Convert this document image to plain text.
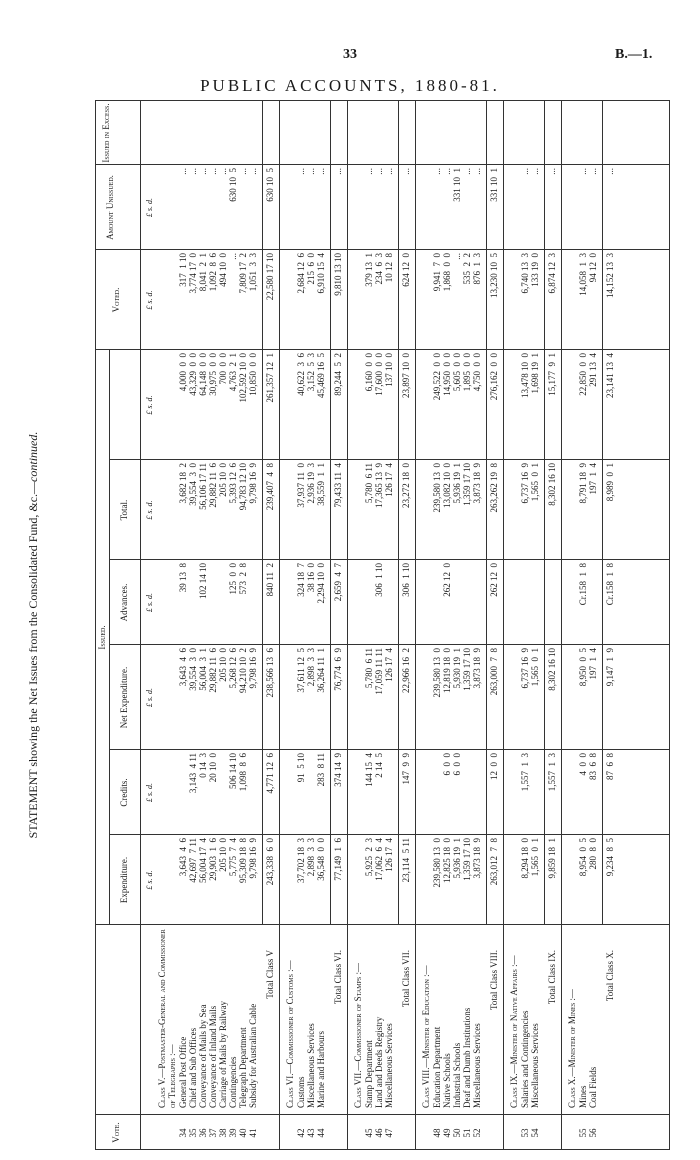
33	B.—1.
PUBLIC ACCOUNTS, 1880-81.
STATEMENT showing the Net Issues from the Consolidated Fund, &c.—continued.
Vote.
Issued.
Expenditure.
Credits.
Net Expenditure.
Advances.
Total.
Voted.
Amount Unissued.
Issued in Excess.
£ s. d.
£ s. d.
£ s. d.
£ s. d.
£ s. d.
£ s. d.
£ s. d.
£ s. d.
Class V.—Postmaster-General and Commissioner of Telegraphs :—
34
General Post Office
3,643  4  6
3,643  4  6
39 13  8
3,682 18  2
4,000  0  0
317  1 10
...
35
Chief and Sub Offices
42,697  7 11
3,143  4 11
39,554  3  0
39,554  3  0
43,329  0  0
3,774 17  0
...
36
Conveyance of Mails by Sea
56,004 17  4
0 14  3
56,004  3  1
102 14 10
56,106 17 11
64,148  0  0
8,041  2  1
...
37
Conveyance of Inland Mails
29,903  1  6
20 10  0
29,882 11  6
29,882 11  6
30,975  0  0
1,092  8  6
...
38
Carriage of Mails by Railway
205 10  0
205 10  0
205 10  0
700  0  0
494 10  0
...
39
Contingencies
5,775  7  4
506 14 10
5,268 12  6
125  0  0
5,393 12  6
4,763  2  1
...
630 10  5
40
Telegraph Department
95,309 18  8
1,098  8  6
94,210 10  2
573  2  8
94,783 12 10
102,592 10  0
7,809 17  2
...
41
Subsidy for Australian Cable
9,798 16  9
9,798 16  9
9,798 16  9
10,850  0  0
1,051  3  3
...
Total Class V
243,338  6  0
4,771 12  6
238,566 13  6
840 11  2
239,407  4  8
261,357 12  1
22,580 17 10
630 10  5
Class VI.—Commissioner of Customs :—
42
Customs
37,702 18  3
91  5 10
37,611 12  5
324 18  7
37,937 11  0
40,622  3  6
2,684 12  6
...
43
Miscellaneous Services
2,898  3  3
2,898  3  3
38 16  0
2,936 19  3
3,152  5  3
215  6  0
...
44
Marine and Harbours
36,548  0  0
283  8 11
36,264 11  1
2,294 10  0
38,559  1  1
45,469 16  5
6,910 15  4
...
Total Class VI.
77,149  1  6
374 14  9
76,774  6  9
2,659  4  7
79,433 11  4
89,244  5  2
9,810 13 10
...
Class VII.—Commissioner of Stamps :—
45
Stamp Department
5,925  2  3
144 15  4
5,780  6 11
5,780  6 11
6,160  0  0
379 13  1
...
46
Land and Deeds Registry
17,062  6  4
2 14  5
17,059 11 11
306  1 10
17,365 13  9
17,600  0  0
234  6  3
...
47
Miscellaneous Services
126 17  4
126 17  4
126 17  4
137 10  0
10 12  8
...
Total Class VII.
23,114  5 11
147  9  9
22,966 16  2
306  1 10
23,272 18  0
23,897 10  0
624 12  0
...
Class VIII.—Minister of Education :—
48
Education Department
239,580 13  0
239,580 13  0
239,580 13  0
249,522  0  0
9,941  7  0
...
49
Native Schools
12,825 18  0
6  0  0
12,819 18  0
262 12  0
13,082 10  0
14,950  0  0
1,868  0  0
...
50
Industrial Schools
5,936 19  1
6  0  0
5,930 19  1
5,936 19  1
5,605  0  0
...
331 10  1
51
Deaf and Dumb Institutions
1,359 17 10
1,359 17 10
1,359 17 10
1,895  0  0
535  2  2
...
52
Miscellaneous Services
3,873 18  9
3,873 18  9
3,873 18  9
4,750  0  0
876  1  3
...
Total Class VIII.
263,012  7  8
12  0  0
263,000  7  8
262 12  0
263,262 19  8
276,162  0  0
13,230 10  5
331 10  1
Class IX.—Minister of Native Affairs :—
53
Salaries and Contingencies
8,294 18  0
1,557  1  3
6,737 16  9
6,737 16  9
13,478 10  0
6,740 13  3
...
54
Miscellaneous Services
1,565  0  1
1,565  0  1
1,565  0  1
1,698 19  1
133 19  0
...
Total Class IX.
9,859 18  1
1,557  1  3
8,302 16 10
8,302 16 10
15,177  9  1
6,874 12  3
...
Class X.—Minister of Mines :—
55
Mines
8,954  0  5
4  0  0
8,950  0  5
Cr.158  1  8
8,791 18  9
22,850  0  0
14,058  1  3
...
56
Coal Fields
280  8  0
83  6  8
197  1  4
197  1  4
291 13  4
94 12  0
...
Total Class X.
9,234  8  5
87  6  8
9,147  1  9
Cr.158  1  8
8,989  0  1
23,141 13  4
14,152 13  3
...
